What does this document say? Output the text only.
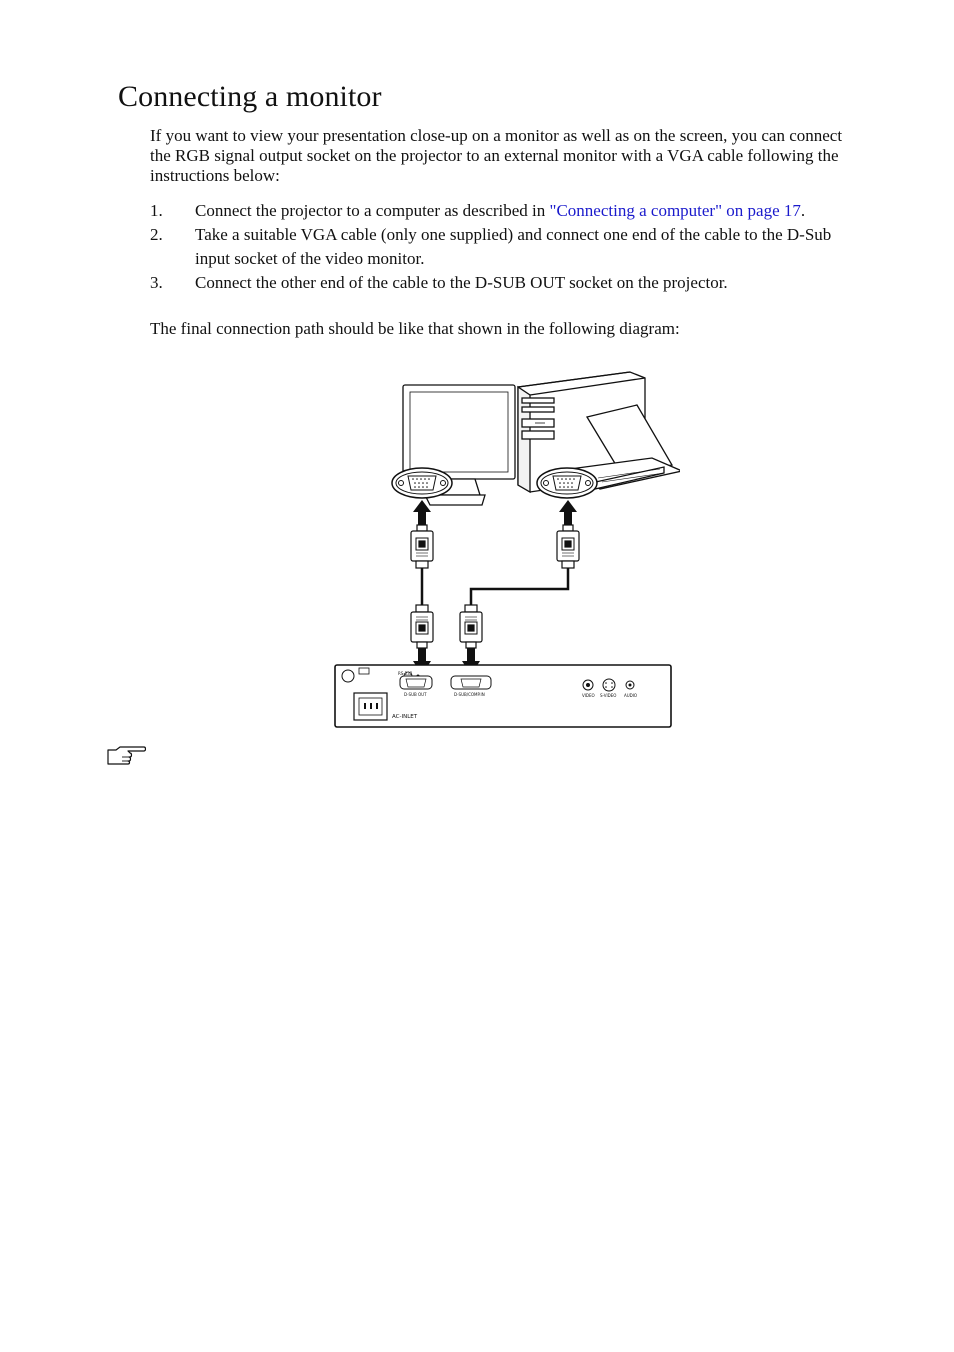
Connecting a monitor

If you want to view your presentation close-up on a monitor as well as on the screen, you can connect the RGB signal output socket on the projector to an external monitor with a VGA cable following the instructions below:

1. Connect the projector to a computer as described in "Connecting a computer" on page 17.
2. Take a suitable VGA cable (only one supplied) and connect one end of the cable to the D-Sub input socket of the video monitor.
3. Connect the other end of the cable to the D-SUB OUT socket on the projector.

The final connection path should be like that shown in the following diagram:

RS-232
D-SUB OUT	D-SUB/COMP.IN	VIDEO S-VIDEO AUDIO
AC-INLET
